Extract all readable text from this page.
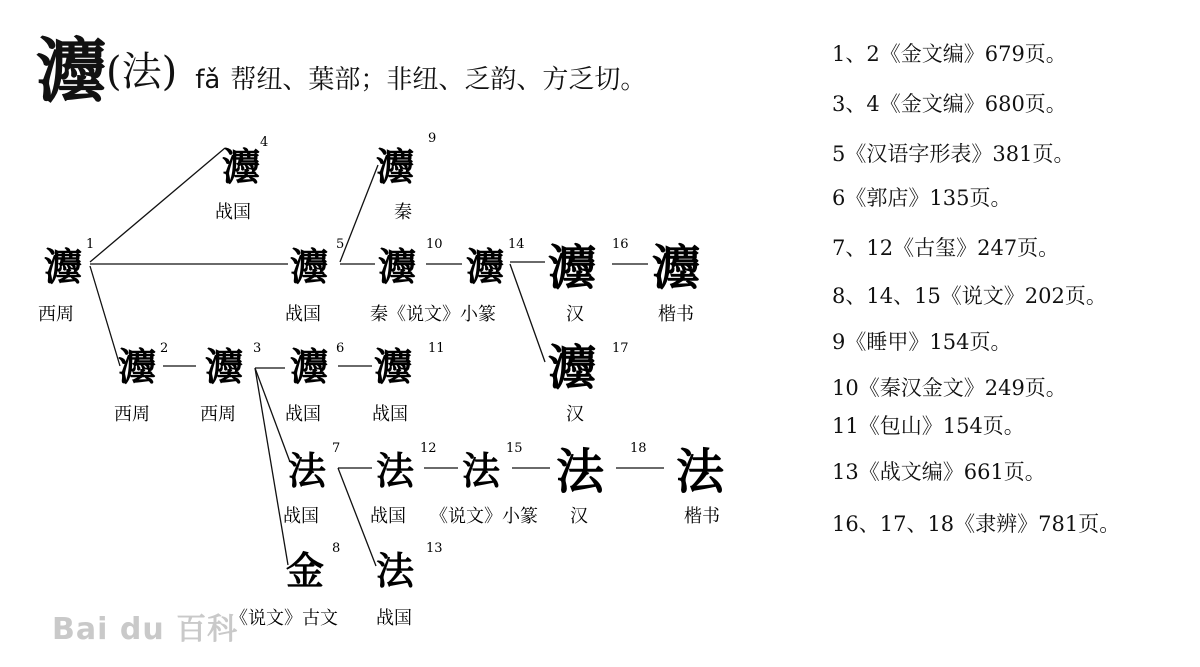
灋(法) fǎ 帮纽、葉部；非纽、乏韵、方乏切。
灋 1
西周
灋 2
西周
灋 3
西周
灋
4
战国
灋 5
战国
灋 6
战国
法 7
战国
金 8
《说文》古文
灋
9
秦
灋 10
秦《说文》小篆
灋 11
战国
法 12
战国
法 13
战国
灋 14
法 15
《说文》小篆
灋 16
汉
灋 17
汉
法 18
汉
灋
楷书
法
楷书
1、2《金文编》679页。
3、4《金文编》680页。
5《汉语字形表》381页。
6《郭店》135页。
7、12《古玺》247页。
8、14、15《说文》202页。
9《睡甲》154页。
10《秦汉金文》249页。
11《包山》154页。
13《战文编》661页。
16、17、18《隶辨》781页。
Bai du 百科
